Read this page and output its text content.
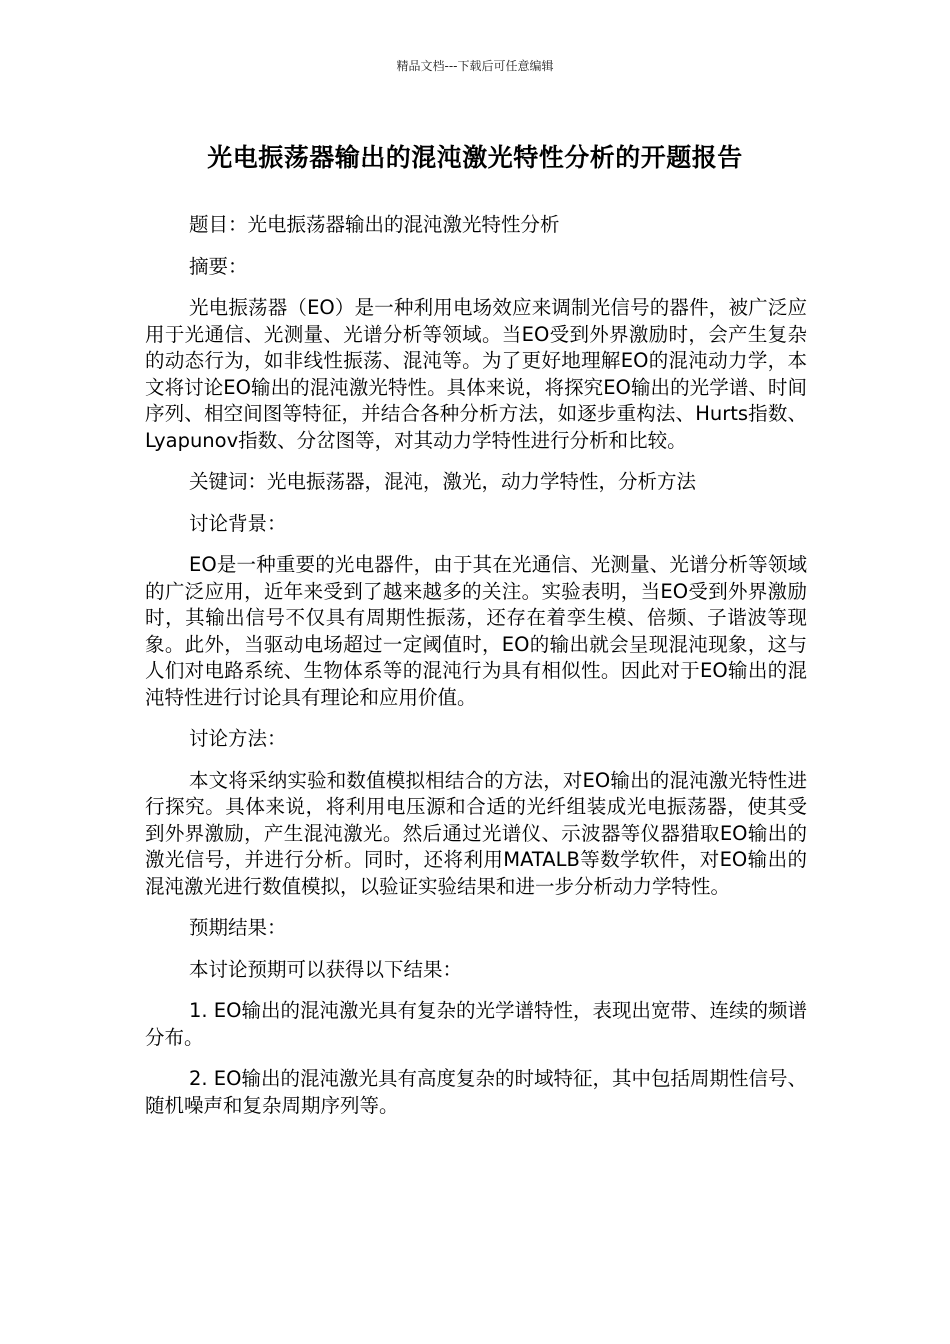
精品文档---下载后可任意编辑
光电振荡器输出的混沌激光特性分析的开题报告

题目：光电振荡器输出的混沌激光特性分析

摘要：

光电振荡器（EO）是一种利用电场效应来调制光信号的器件，被广泛应用于光通信、光测量、光谱分析等领域。当EO受到外界激励时，会产生复杂的动态行为，如非线性振荡、混沌等。为了更好地理解EO的混沌动力学，本文将讨论EO输出的混沌激光特性。具体来说，将探究EO输出的光学谱、时间序列、相空间图等特征，并结合各种分析方法，如逐步重构法、Hurts指数、Lyapunov指数、分岔图等，对其动力学特性进行分析和比较。

关键词：光电振荡器，混沌，激光，动力学特性，分析方法

讨论背景：

EO是一种重要的光电器件，由于其在光通信、光测量、光谱分析等领域的广泛应用，近年来受到了越来越多的关注。实验表明，当EO受到外界激励时，其输出信号不仅具有周期性振荡，还存在着孪生模、倍频、子谐波等现象。此外，当驱动电场超过一定阈值时，EO的输出就会呈现混沌现象，这与人们对电路系统、生物体系等的混沌行为具有相似性。因此对于EO输出的混沌特性进行讨论具有理论和应用价值。

讨论方法：

本文将采纳实验和数值模拟相结合的方法，对EO输出的混沌激光特性进行探究。具体来说，将利用电压源和合适的光纤组装成光电振荡器，使其受到外界激励，产生混沌激光。然后通过光谱仪、示波器等仪器猎取EO输出的激光信号，并进行分析。同时，还将利用MATALB等数学软件，对EO输出的混沌激光进行数值模拟，以验证实验结果和进一步分析动力学特性。

预期结果：

本讨论预期可以获得以下结果：

1. EO输出的混沌激光具有复杂的光学谱特性，表现出宽带、连续的频谱分布。

2. EO输出的混沌激光具有高度复杂的时域特征，其中包括周期性信号、随机噪声和复杂周期序列等。
